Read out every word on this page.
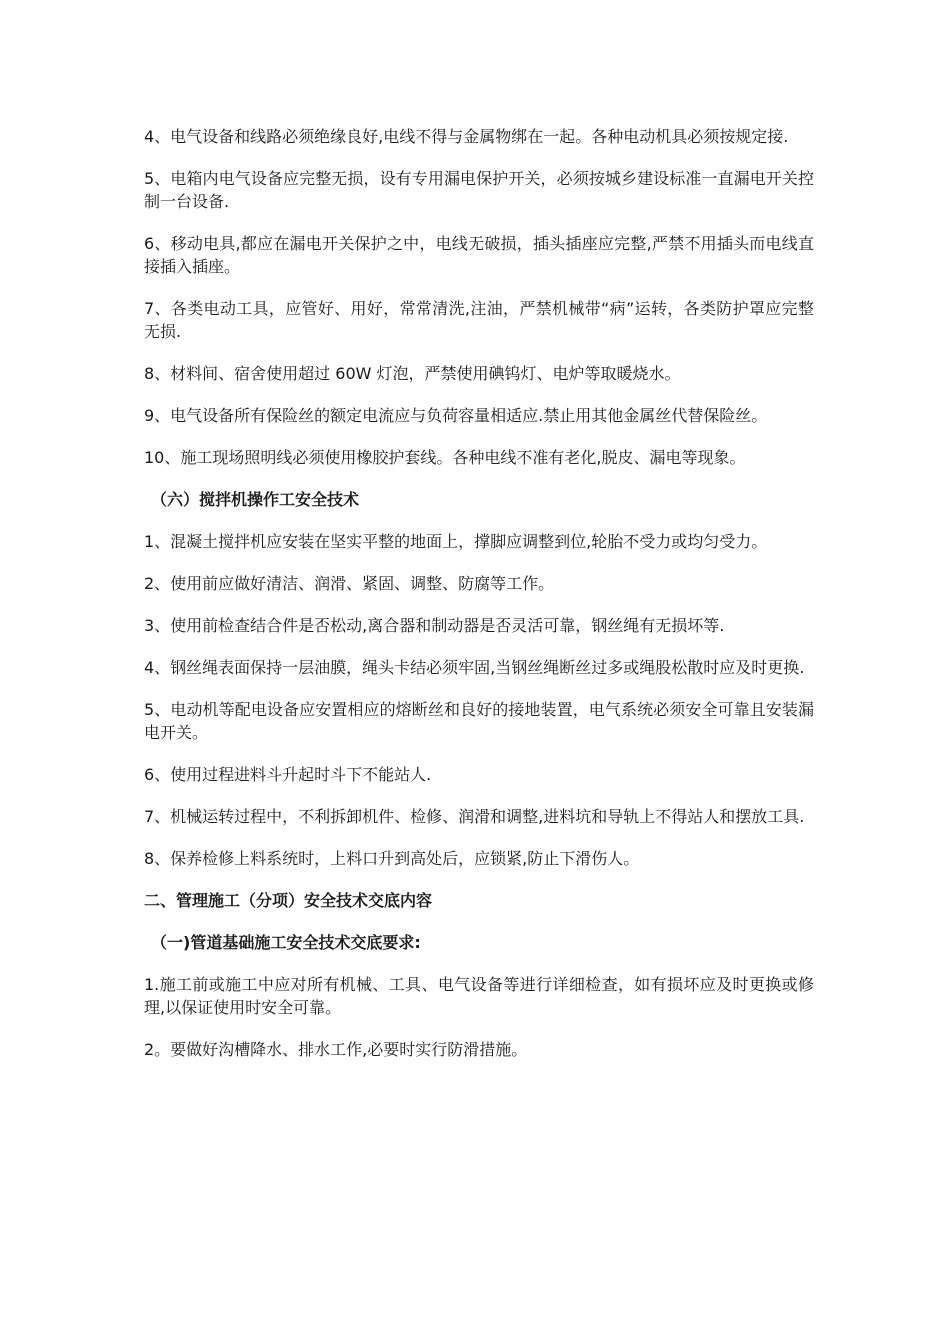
4、电气设备和线路必须绝缘良好,电线不得与金属物绑在一起。各种电动机具必须按规定接.

5、电箱内电气设备应完整无损，设有专用漏电保护开关，必须按城乡建设标准一直漏电开关控制一台设备.

6、移动电具,都应在漏电开关保护之中，电线无破损，插头插座应完整,严禁不用插头而电线直接插入插座。

7、各类电动工具，应管好、用好，常常清洗,注油，严禁机械带“病”运转，各类防护罩应完整无损.

8、材料间、宿舍使用超过 60W 灯泡，严禁使用碘钨灯、电炉等取暖烧水。

9、电气设备所有保险丝的额定电流应与负荷容量相适应.禁止用其他金属丝代替保险丝。

10、施工现场照明线必须使用橡胶护套线。各种电线不准有老化,脱皮、漏电等现象。

（六）搅拌机操作工安全技术

1、混凝土搅拌机应安装在坚实平整的地面上，撑脚应调整到位,轮胎不受力或均匀受力。

2、使用前应做好清洁、润滑、紧固、调整、防腐等工作。

3、使用前检查结合件是否松动,离合器和制动器是否灵活可靠，钢丝绳有无损坏等.

4、钢丝绳表面保持一层油膜，绳头卡结必须牢固,当钢丝绳断丝过多或绳股松散时应及时更换.

5、电动机等配电设备应安置相应的熔断丝和良好的接地装置，电气系统必须安全可靠且安装漏电开关。

6、使用过程进料斗升起时斗下不能站人.

7、机械运转过程中，不利拆卸机件、检修、润滑和调整,进料坑和导轨上不得站人和摆放工具.

8、保养检修上料系统时，上料口升到高处后，应锁紧,防止下滑伤人。

二、管理施工（分项）安全技术交底内容

（一)管道基础施工安全技术交底要求:

1.施工前或施工中应对所有机械、工具、电气设备等进行详细检查，如有损坏应及时更换或修理,以保证使用时安全可靠。

2。要做好沟槽降水、排水工作,必要时实行防滑措施。
